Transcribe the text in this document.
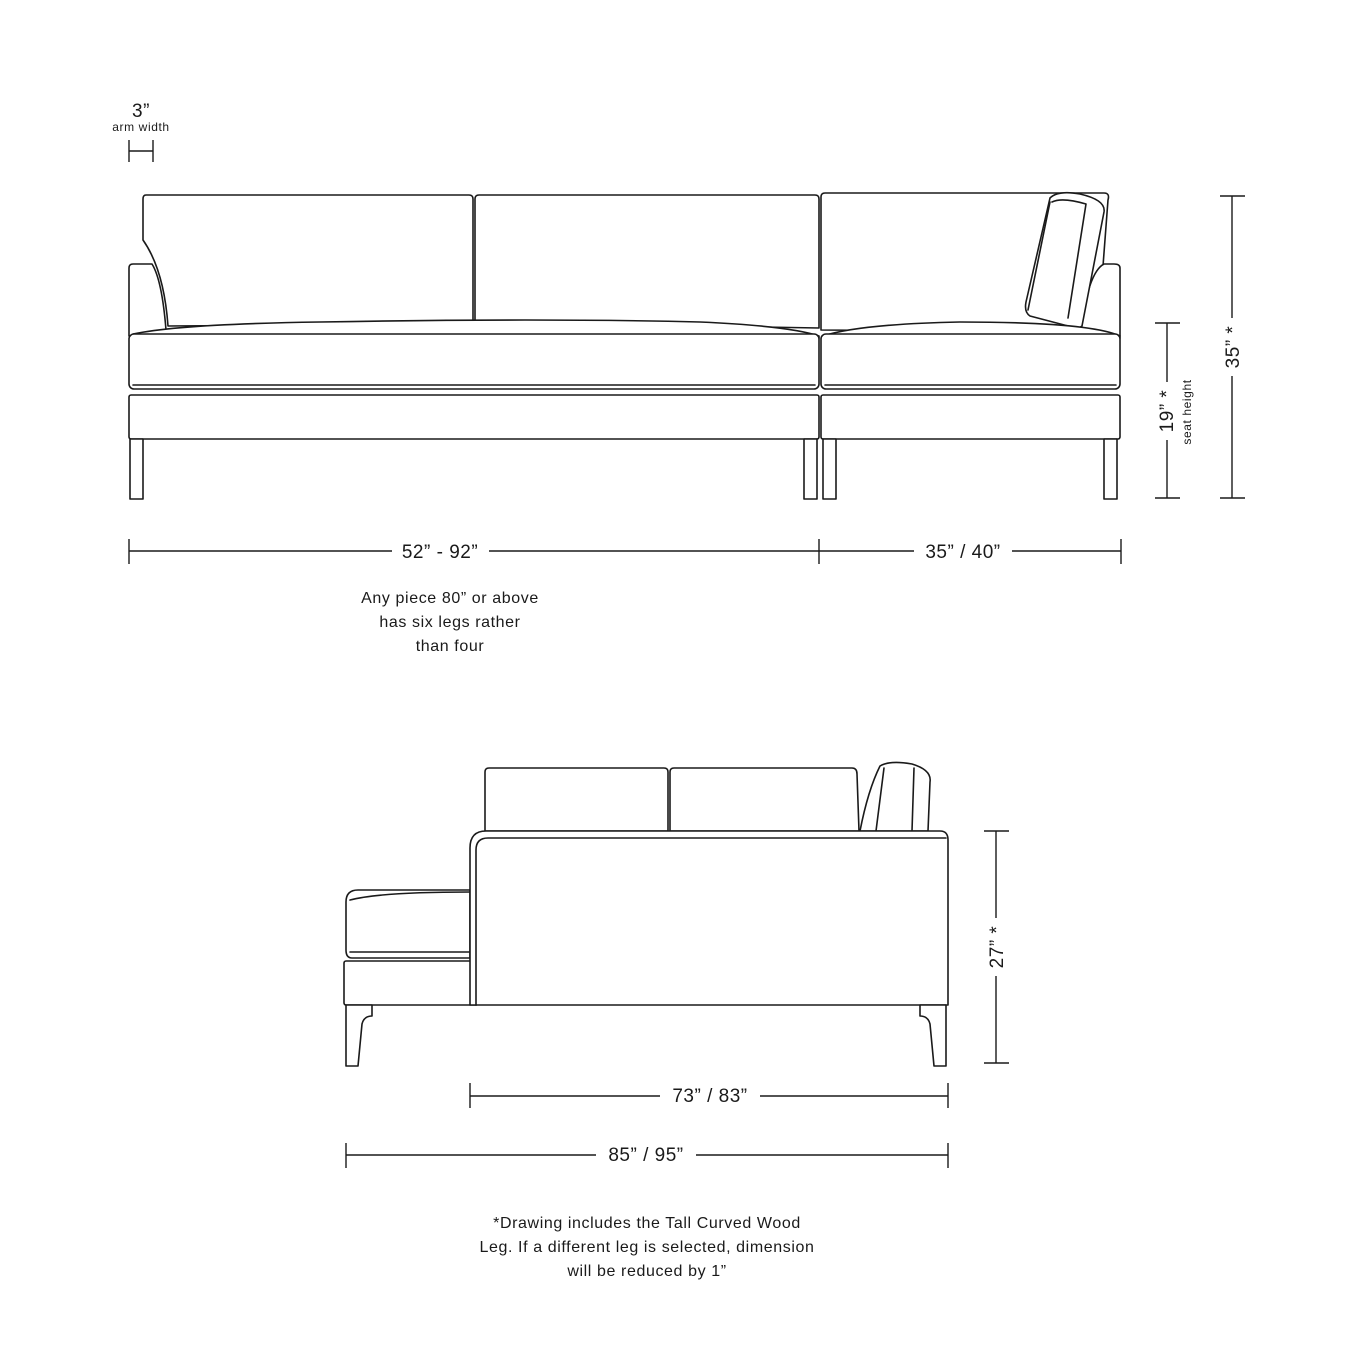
3”
arm width
52” - 92”	35” / 40”
19” * seat height
35” *
27” *
73” / 83”
85” / 95”
Any piece 80” or above
has six legs rather
than four
*Drawing includes the Tall Curved Wood
Leg. If a different leg is selected, dimension
will be reduced by 1”
